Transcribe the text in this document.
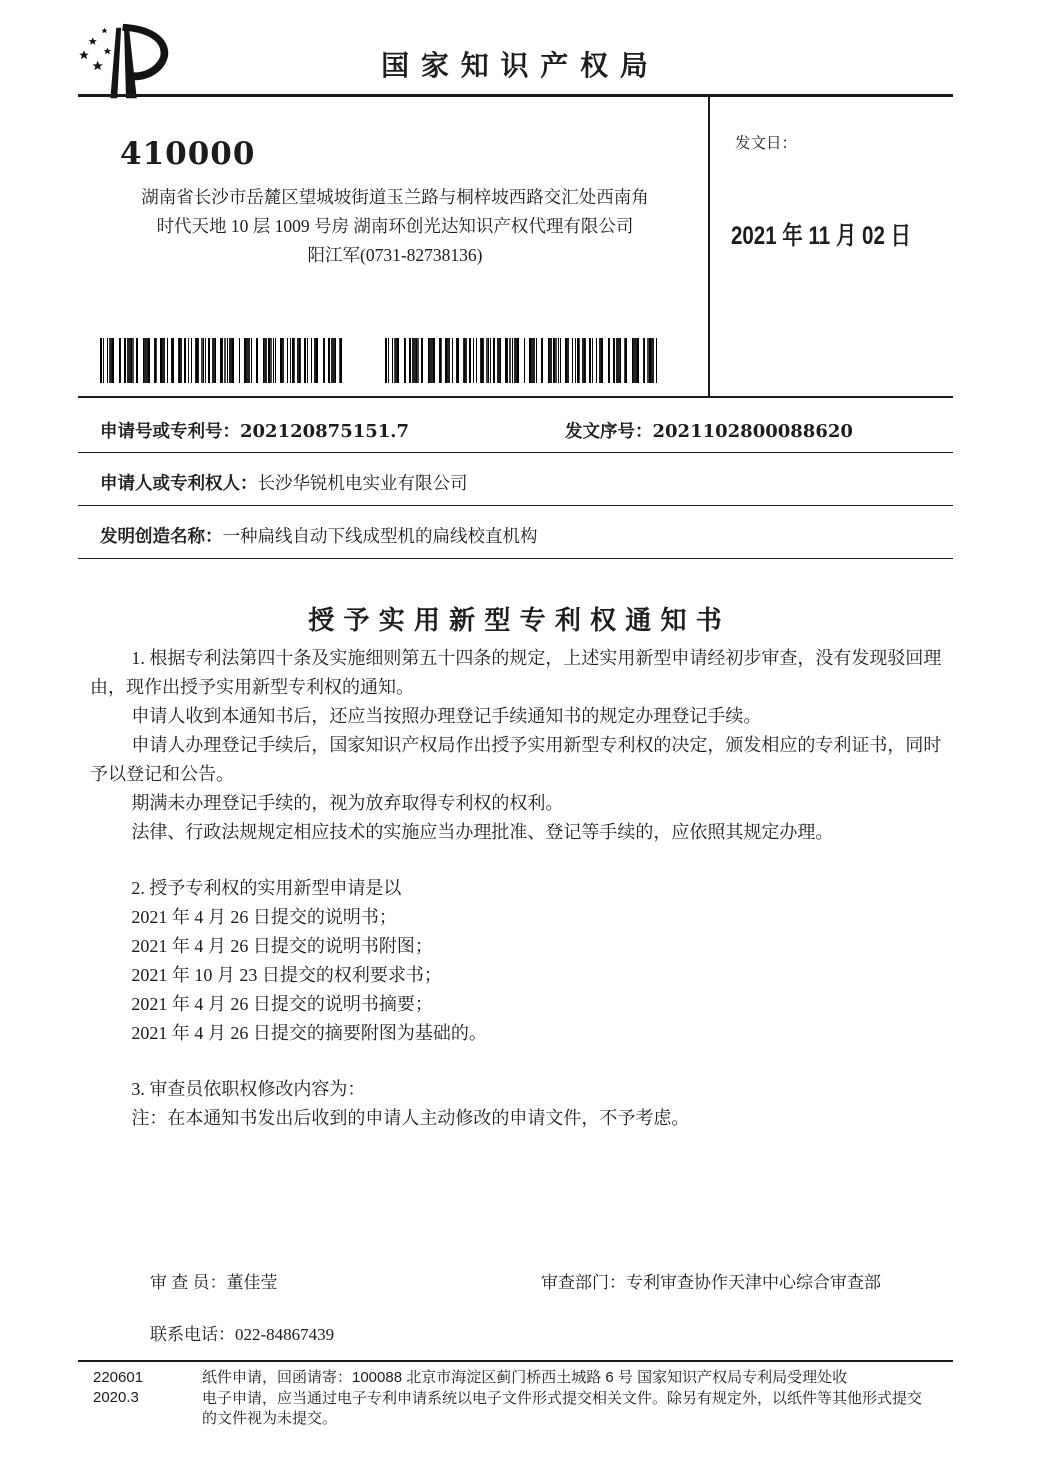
国 家 知 识 产 权 局
410000
湖南省长沙市岳麓区望城坡街道玉兰路与桐梓坡西路交汇处西南角
时代天地 10 层 1009 号房 湖南环创光达知识产权代理有限公司
阳江军(0731-82738136)
发文日：
2021 年 11 月 02 日
申请号或专利号：202120875151.7	发文序号：2021102800088620
申请人或专利权人：长沙华锐机电实业有限公司
发明创造名称：一种扁线自动下线成型机的扁线校直机构
授 予 实 用 新 型 专 利 权 通 知 书

1. 根据专利法第四十条及实施细则第五十四条的规定，上述实用新型申请经初步审查，没有发现驳回理由，现作出授予实用新型专利权的通知。

申请人收到本通知书后，还应当按照办理登记手续通知书的规定办理登记手续。

申请人办理登记手续后，国家知识产权局作出授予实用新型专利权的决定，颁发相应的专利证书，同时予以登记和公告。

期满未办理登记手续的，视为放弃取得专利权的权利。

法律、行政法规规定相应技术的实施应当办理批准、登记等手续的，应依照其规定办理。

2. 授予专利权的实用新型申请是以

2021 年 4 月 26 日提交的说明书；

2021 年 4 月 26 日提交的说明书附图；

2021 年 10 月 23 日提交的权利要求书；

2021 年 4 月 26 日提交的说明书摘要；

2021 年 4 月 26 日提交的摘要附图为基础的。

3. 审查员依职权修改内容为：

注：在本通知书发出后收到的申请人主动修改的申请文件，不予考虑。

审 查 员：董佳莹	审查部门：专利审查协作天津中心综合审查部
联系电话：022-84867439
220601
2020.3

纸件申请，回函请寄：100088 北京市海淀区蓟门桥西土城路 6 号 国家知识产权局专利局受理处收

电子申请，应当通过电子专利申请系统以电子文件形式提交相关文件。除另有规定外，以纸件等其他形式提交的文件视为未提交。
